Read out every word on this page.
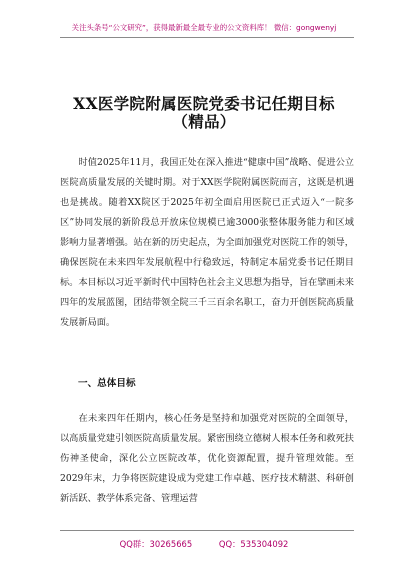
关注头条号“公文研究”，获得最新最全最专业的公文资料库！ 微信：gongwenyj
XX医学院附属医院党委书记任期目标
（精品）

时值2025年11月，我国正处在深入推进“健康中国”战略、促进公立医院高质量发展的关键时期。对于XX医学院附属医院而言，这既是机遇也是挑战。随着XX院区于2025年初全面启用医院已正式迈入“一院多区”协同发展的新阶段总开放床位规模已逾3000张整体服务能力和区域影响力显著增强。站在新的历史起点，为全面加强党对医院工作的领导，确保医院在未来四年发展航程中行稳致远，特制定本届党委书记任期目标。本目标以习近平新时代中国特色社会主义思想为指导，旨在擘画未来四年的发展蓝图，团结带领全院三千三百余名职工，奋力开创医院高质量发展新局面。

一、总体目标

在未来四年任期内，核心任务是坚持和加强党对医院的全面领导，以高质量党建引领医院高质量发展。紧密围绕立德树人根本任务和救死扶伤神圣使命，深化公立医院改革，优化资源配置，提升管理效能。至2029年末，力争将医院建设成为党建工作卓越、医疗技术精湛、科研创新活跃、教学体系完备、管理运营

QQ群：30265665	QQ：535304092
